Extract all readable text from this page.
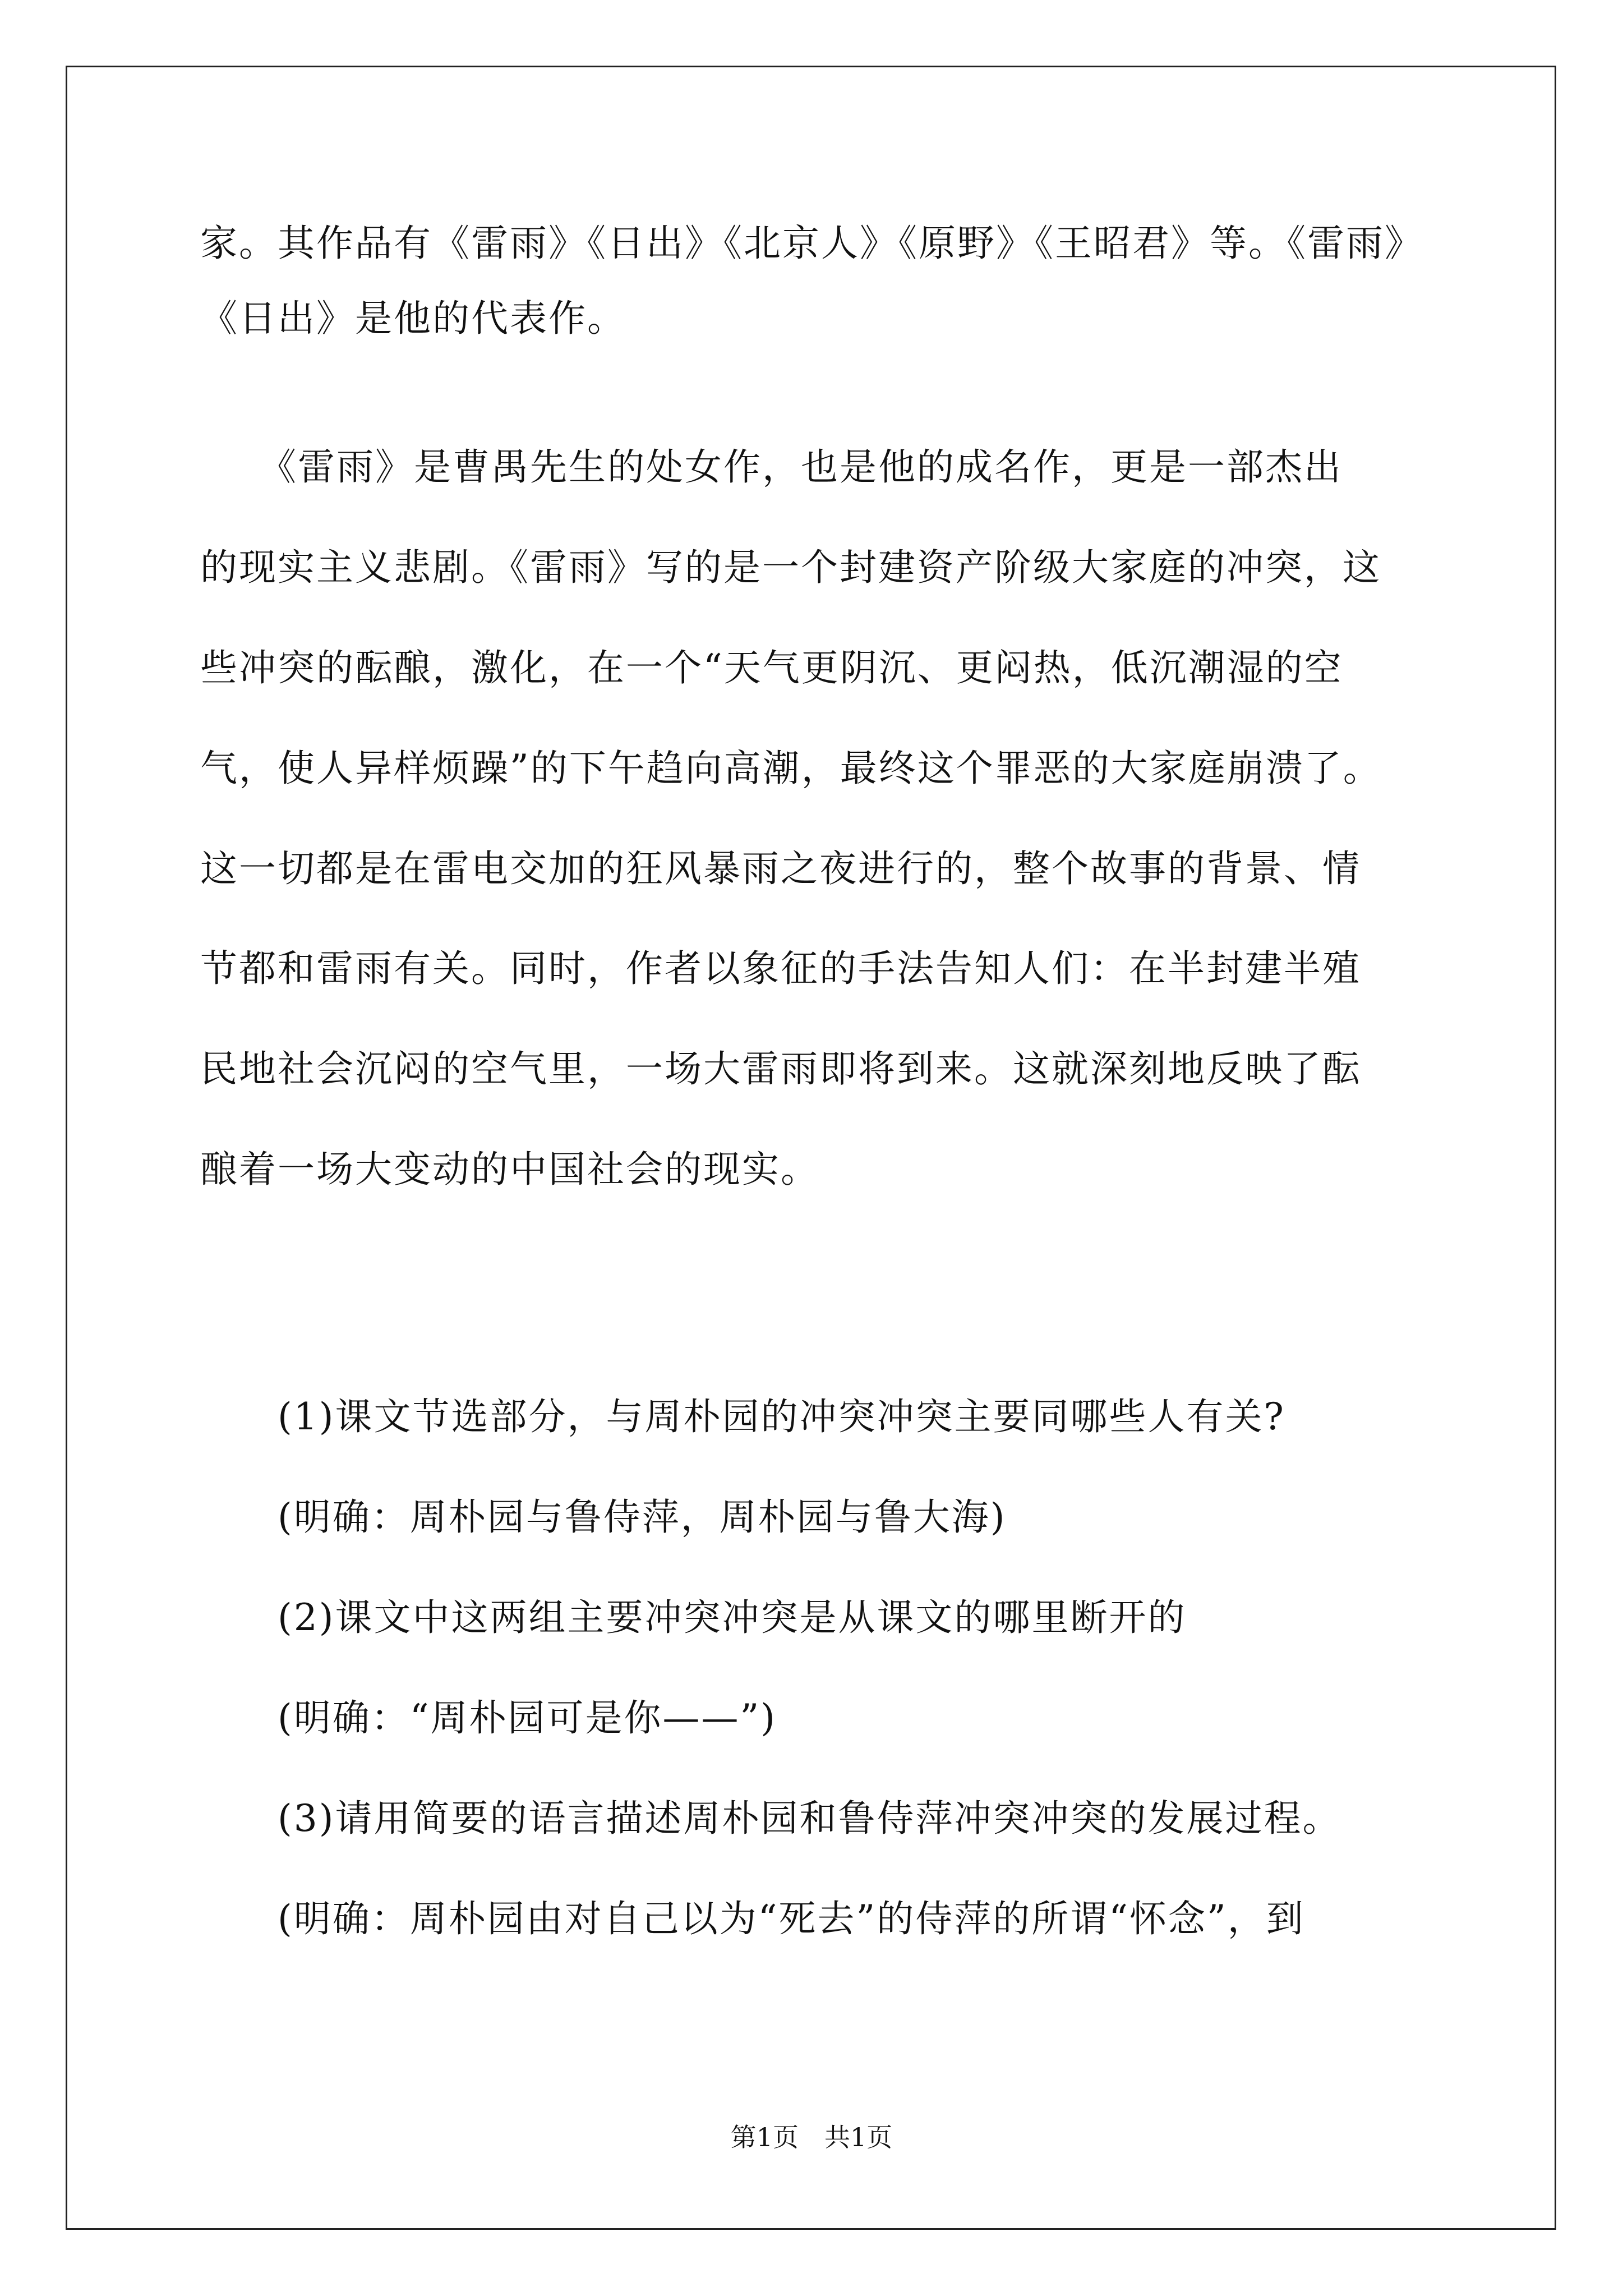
家。其作品有《雷雨》《日出》《北京人》《原野》《王昭君》等。《雷雨》
《日出》是他的代表作。
　　《雷雨》是曹禺先生的处女作，也是他的成名作，更是一部杰出
的现实主义悲剧。《雷雨》写的是一个封建资产阶级大家庭的冲突，这
些冲突的酝酿，激化，在一个“天气更阴沉、更闷热，低沉潮湿的空
气，使人异样烦躁”的下午趋向高潮，最终这个罪恶的大家庭崩溃了。
这一切都是在雷电交加的狂风暴雨之夜进行的，整个故事的背景、情
节都和雷雨有关。同时，作者以象征的手法告知人们：在半封建半殖
民地社会沉闷的空气里，一场大雷雨即将到来。这就深刻地反映了酝
酿着一场大变动的中国社会的现实。
　　(1)课文节选部分，与周朴园的冲突冲突主要同哪些人有关?
　　(明确：周朴园与鲁侍萍，周朴园与鲁大海)
　　(2)课文中这两组主要冲突冲突是从课文的哪里断开的
　　(明确：“周朴园可是你——”)
　　(3)请用简要的语言描述周朴园和鲁侍萍冲突冲突的发展过程。
　　(明确：周朴园由对自己以为“死去”的侍萍的所谓“怀念”，到
第1页 共1页
